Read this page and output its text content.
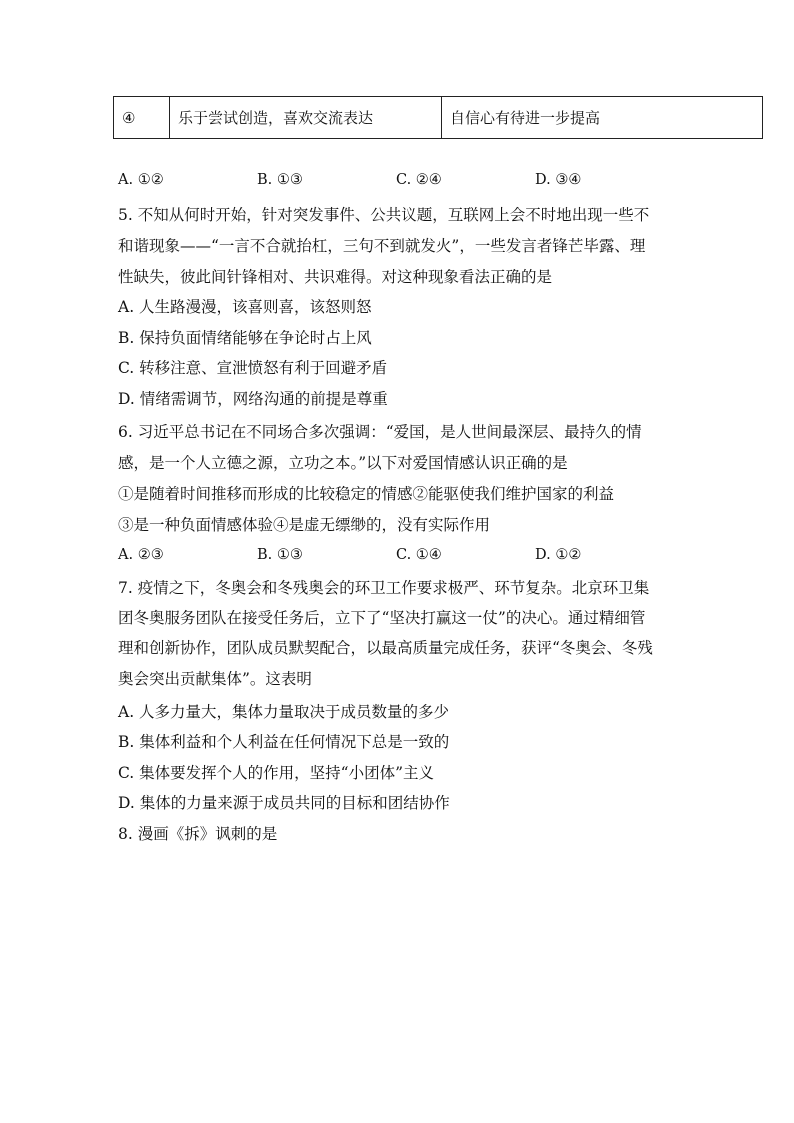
④	乐于尝试创造，喜欢交流表达	自信心有待进一步提高
A. ①②	B. ①③	C. ②④	D. ③④
5. 不知从何时开始，针对突发事件、公共议题，互联网上会不时地出现一些不
和谐现象——“一言不合就抬杠，三句不到就发火”，一些发言者锋芒毕露、理
性缺失，彼此间针锋相对、共识难得。对这种现象看法正确的是
A. 人生路漫漫，该喜则喜，该怒则怒
B. 保持负面情绪能够在争论时占上风
C. 转移注意、宣泄愤怒有利于回避矛盾
D. 情绪需调节，网络沟通的前提是尊重
6. 习近平总书记在不同场合多次强调：“爱国，是人世间最深层、最持久的情
感，是一个人立德之源，立功之本。”以下对爱国情感认识正确的是
①是随着时间推移而形成的比较稳定的情感②能驱使我们维护国家的利益
③是一种负面情感体验④是虚无缥缈的，没有实际作用
A. ②③	B. ①③	C. ①④	D. ①②
7. 疫情之下，冬奥会和冬残奥会的环卫工作要求极严、环节复杂。北京环卫集
团冬奥服务团队在接受任务后，立下了“坚决打赢这一仗”的决心。通过精细管
理和创新协作，团队成员默契配合，以最高质量完成任务，获评“冬奥会、冬残
奥会突出贡献集体”。这表明
A. 人多力量大，集体力量取决于成员数量的多少
B. 集体利益和个人利益在任何情况下总是一致的
C. 集体要发挥个人的作用，坚持“小团体”主义
D. 集体的力量来源于成员共同的目标和团结协作
8. 漫画《拆》讽刺的是
